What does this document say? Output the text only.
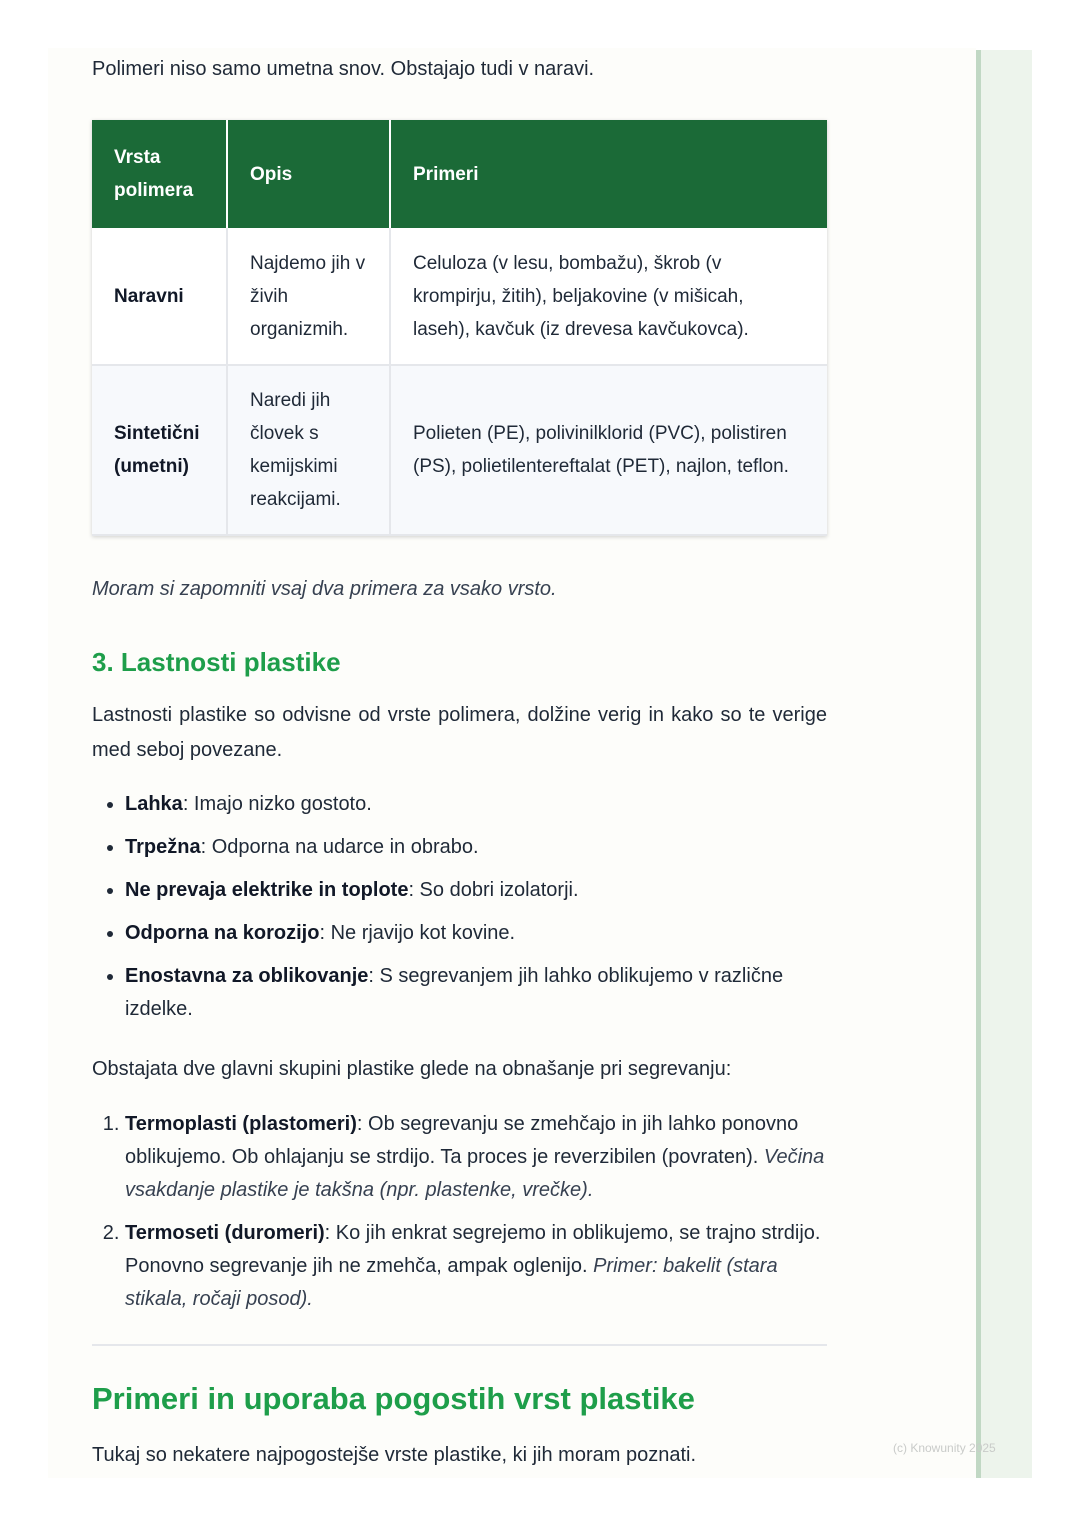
Polimeri niso samo umetna snov. Obstajajo tudi v naravi.

Vrsta polimera	Opis	Primeri
Naravni	Najdemo jih v živih organizmih.	Celuloza (v lesu, bombažu), škrob (v krompirju, žitih), beljakovine (v mišicah, laseh), kavčuk (iz drevesa kavčukovca).
Sintetični (umetni)	Naredi jih človek s kemijskimi reakcijami.	Polieten (PE), polivinilklorid (PVC), polistiren (PS), polietilentereftalat (PET), najlon, teflon.

Moram si zapomniti vsaj dva primera za vsako vrsto.

3. Lastnosti plastike

Lastnosti plastike so odvisne od vrste polimera, dolžine verig in kako so te verige med seboj povezane.

• Lahka: Imajo nizko gostoto.
• Trpežna: Odporna na udarce in obrabo.
• Ne prevaja elektrike in toplote: So dobri izolatorji.
• Odporna na korozijo: Ne rjavijo kot kovine.
• Enostavna za oblikovanje: S segrevanjem jih lahko oblikujemo v različne izdelke.

Obstajata dve glavni skupini plastike glede na obnašanje pri segrevanju:

1. Termoplasti (plastomeri): Ob segrevanju se zmehčajo in jih lahko ponovno oblikujemo. Ob ohlajanju se strdijo. Ta proces je reverzibilen (povraten). Večina vsakdanje plastike je takšna (npr. plastenke, vrečke).
2. Termoseti (duromeri): Ko jih enkrat segrejemo in oblikujemo, se trajno strdijo. Ponovno segrevanje jih ne zmehča, ampak oglenijo. Primer: bakelit (stara stikala, ročaji posod).
Primeri in uporaba pogostih vrst plastike

Tukaj so nekatere najpogostejše vrste plastike, ki jih moram poznati.	(c) Knowunity 2025
